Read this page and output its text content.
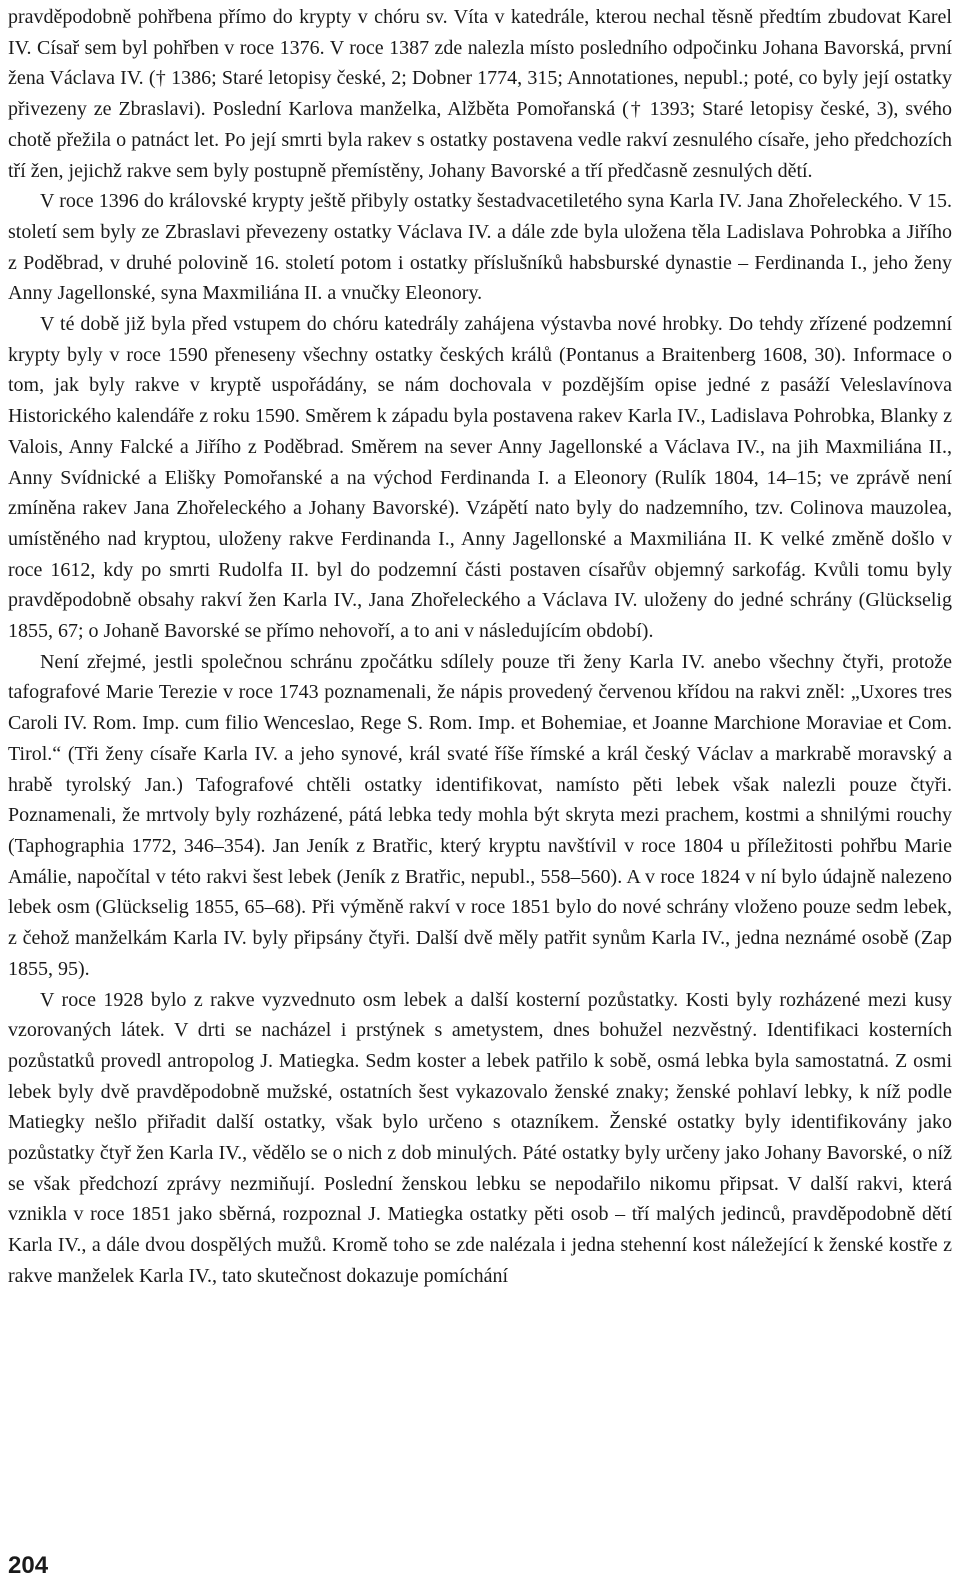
pravděpodobně pohřbena přímo do krypty v chóru sv. Víta v katedrále, kterou nechal těsně předtím zbudovat Karel IV. Císař sem byl pohřben v roce 1376. V roce 1387 zde nalezla místo posledního odpočinku Johana Bavorská, první žena Václava IV. († 1386; Staré letopisy české, 2; Dobner 1774, 315; Annotationes, nepubl.; poté, co byly její ostatky přivezeny ze Zbraslavi). Poslední Karlova manželka, Alžběta Pomořanská († 1393; Staré letopisy české, 3), svého chotě přežila o patnáct let. Po její smrti byla rakev s ostatky postavena vedle rakví zesnulého císaře, jeho předchozích tří žen, jejichž rakve sem byly postupně přemístěny, Johany Bavorské a tří předčasně zesnulých dětí.

V roce 1396 do královské krypty ještě přibyly ostatky šestadvacetiletého syna Karla IV. Jana Zhořeleckého. V 15. století sem byly ze Zbraslavi převezeny ostatky Václava IV. a dále zde byla uložena těla Ladislava Pohrobka a Jiřího z Poděbrad, v druhé polovině 16. století potom i ostatky příslušníků habsburské dynastie – Ferdinanda I., jeho ženy Anny Jagellonské, syna Maxmiliána II. a vnučky Eleonory.

V té době již byla před vstupem do chóru katedrály zahájena výstavba nové hrobky. Do tehdy zřízené podzemní krypty byly v roce 1590 přeneseny všechny ostatky českých králů (Pontanus a Braitenberg 1608, 30). Informace o tom, jak byly rakve v kryptě uspořádány, se nám dochovala v pozdějším opise jedné z pasáží Veleslavínova Historického kalendáře z roku 1590. Směrem k západu byla postavena rakev Karla IV., Ladislava Pohrobka, Blanky z Valois, Anny Falcké a Jiřího z Poděbrad. Směrem na sever Anny Jagellonské a Václava IV., na jih Maxmiliána II., Anny Svídnické a Elišky Pomořanské a na východ Ferdinanda I. a Eleonory (Rulík 1804, 14–15; ve zprávě není zmíněna rakev Jana Zhořeleckého a Johany Bavorské). Vzápětí nato byly do nadzemního, tzv. Colinova mauzolea, umístěného nad kryptou, uloženy rakve Ferdinanda I., Anny Jagellonské a Maxmiliána II. K velké změně došlo v roce 1612, kdy po smrti Rudolfa II. byl do podzemní části postaven císařův objemný sarkofág. Kvůli tomu byly pravděpodobně obsahy rakví žen Karla IV., Jana Zhořeleckého a Václava IV. uloženy do jedné schrány (Glückselig 1855, 67; o Johaně Bavorské se přímo nehovoří, a to ani v následujícím období).

Není zřejmé, jestli společnou schránu zpočátku sdílely pouze tři ženy Karla IV. anebo všechny čtyři, protože tafografové Marie Terezie v roce 1743 poznamenali, že nápis provedený červenou křídou na rakvi zněl: „Uxores tres Caroli IV. Rom. Imp. cum filio Wenceslao, Rege S. Rom. Imp. et Bohemiae, et Joanne Marchione Moraviae et Com. Tirol.“ (Tři ženy císaře Karla IV. a jeho synové, král svaté říše římské a král český Václav a markrabě moravský a hrabě tyrolský Jan.) Tafografové chtěli ostatky identifikovat, namísto pěti lebek však nalezli pouze čtyři. Poznamenali, že mrtvoly byly rozházené, pátá lebka tedy mohla být skryta mezi prachem, kostmi a shnilými rouchy (Taphographia 1772, 346–354). Jan Jeník z Bratřic, který kryptu navštívil v roce 1804 u příležitosti pohřbu Marie Amálie, napočítal v této rakvi šest lebek (Jeník z Bratřic, nepubl., 558–560). A v roce 1824 v ní bylo údajně nalezeno lebek osm (Glückselig 1855, 65–68). Při výměně rakví v roce 1851 bylo do nové schrány vloženo pouze sedm lebek, z čehož manželkám Karla IV. byly připsány čtyři. Další dvě měly patřit synům Karla IV., jedna neznámé osobě (Zap 1855, 95).

V roce 1928 bylo z rakve vyzvednuto osm lebek a další kosterní pozůstatky. Kosti byly rozházené mezi kusy vzorovaných látek. V drti se nacházel i prstýnek s ametystem, dnes bohužel nezvěstný. Identifikaci kosterních pozůstatků provedl antropolog J. Matiegka. Sedm koster a lebek patřilo k sobě, osmá lebka byla samostatná. Z osmi lebek byly dvě pravděpodobně mužské, ostatních šest vykazovalo ženské znaky; ženské pohlaví lebky, k níž podle Matiegky nešlo přiřadit další ostatky, však bylo určeno s otazníkem. Ženské ostatky byly identifikovány jako pozůstatky čtyř žen Karla IV., vědělo se o nich z dob minulých. Páté ostatky byly určeny jako Johany Bavorské, o níž se však předchozí zprávy nezmiňují. Poslední ženskou lebku se nepodařilo nikomu připsat. V další rakvi, která vznikla v roce 1851 jako sběrná, rozpoznal J. Matiegka ostatky pěti osob – tří malých jedinců, pravděpodobně dětí Karla IV., a dále dvou dospělých mužů. Kromě toho se zde nalézala i jedna stehenní kost náležející k ženské kostře z rakve manželek Karla IV., tato skutečnost dokazuje pomíchání

204
